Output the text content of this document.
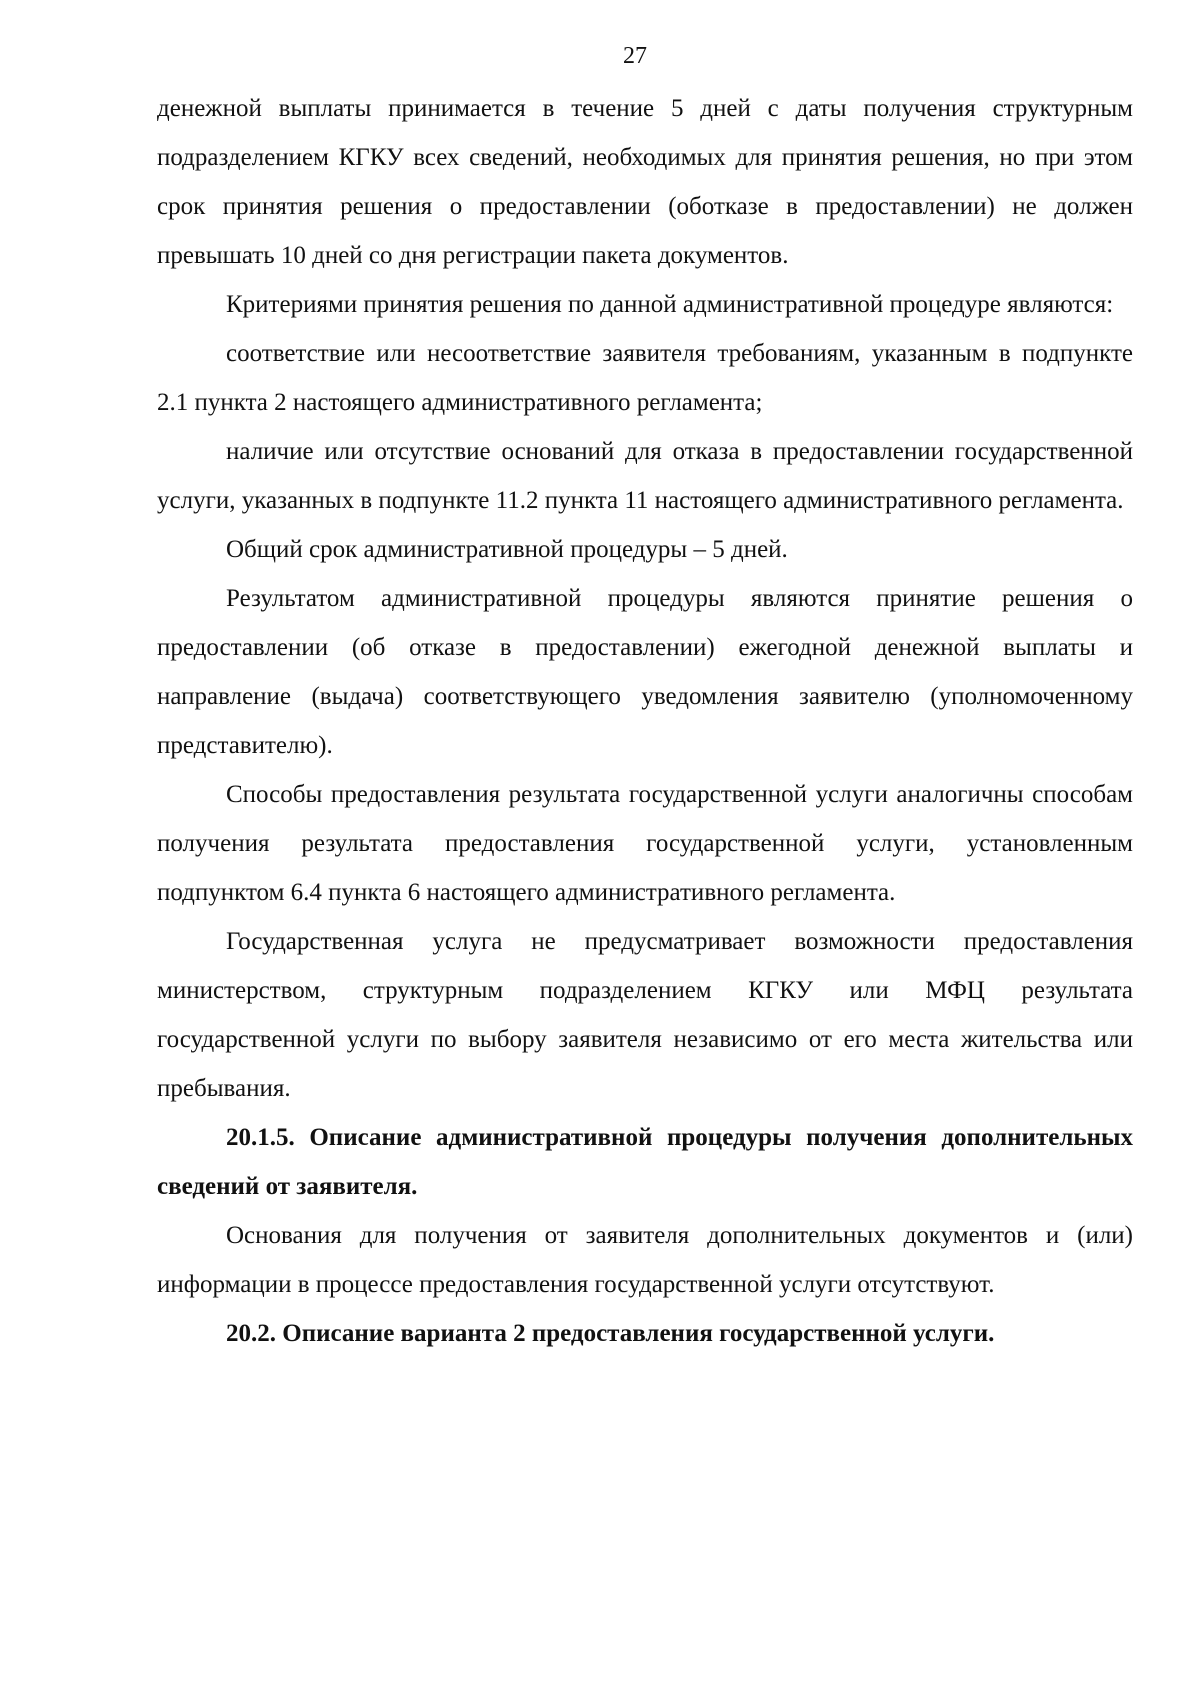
27

денежной выплаты принимается в течение 5 дней с даты получения структурным подразделением КГКУ всех сведений, необходимых для принятия решения, но при этом срок принятия решения о предоставлении (оботказе в предоставлении) не должен превышать 10 дней со дня регистрации пакета документов.

Критериями принятия решения по данной административной процедуре являются:

соответствие или несоответствие заявителя требованиям, указанным в подпункте 2.1 пункта 2 настоящего административного регламента;

наличие или отсутствие оснований для отказа в предоставлении государственной услуги, указанных в подпункте 11.2 пункта 11 настоящего административного регламента.

Общий срок административной процедуры – 5 дней.

Результатом административной процедуры являются принятие решения о предоставлении (об отказе в предоставлении) ежегодной денежной выплаты и направление (выдача) соответствующего уведомления заявителю (уполномоченному представителю).

Способы предоставления результата государственной услуги аналогичны способам получения результата предоставления государственной услуги, установленным подпунктом 6.4 пункта 6 настоящего административного регламента.

Государственная услуга не предусматривает возможности предоставления министерством, структурным подразделением КГКУ или МФЦ результата государственной услуги по выбору заявителя независимо от его места жительства или пребывания.

20.1.5. Описание административной процедуры получения дополнительных сведений от заявителя.

Основания для получения от заявителя дополнительных документов и (или) информации в процессе предоставления государственной услуги отсутствуют.

20.2. Описание варианта 2 предоставления государственной услуги.
